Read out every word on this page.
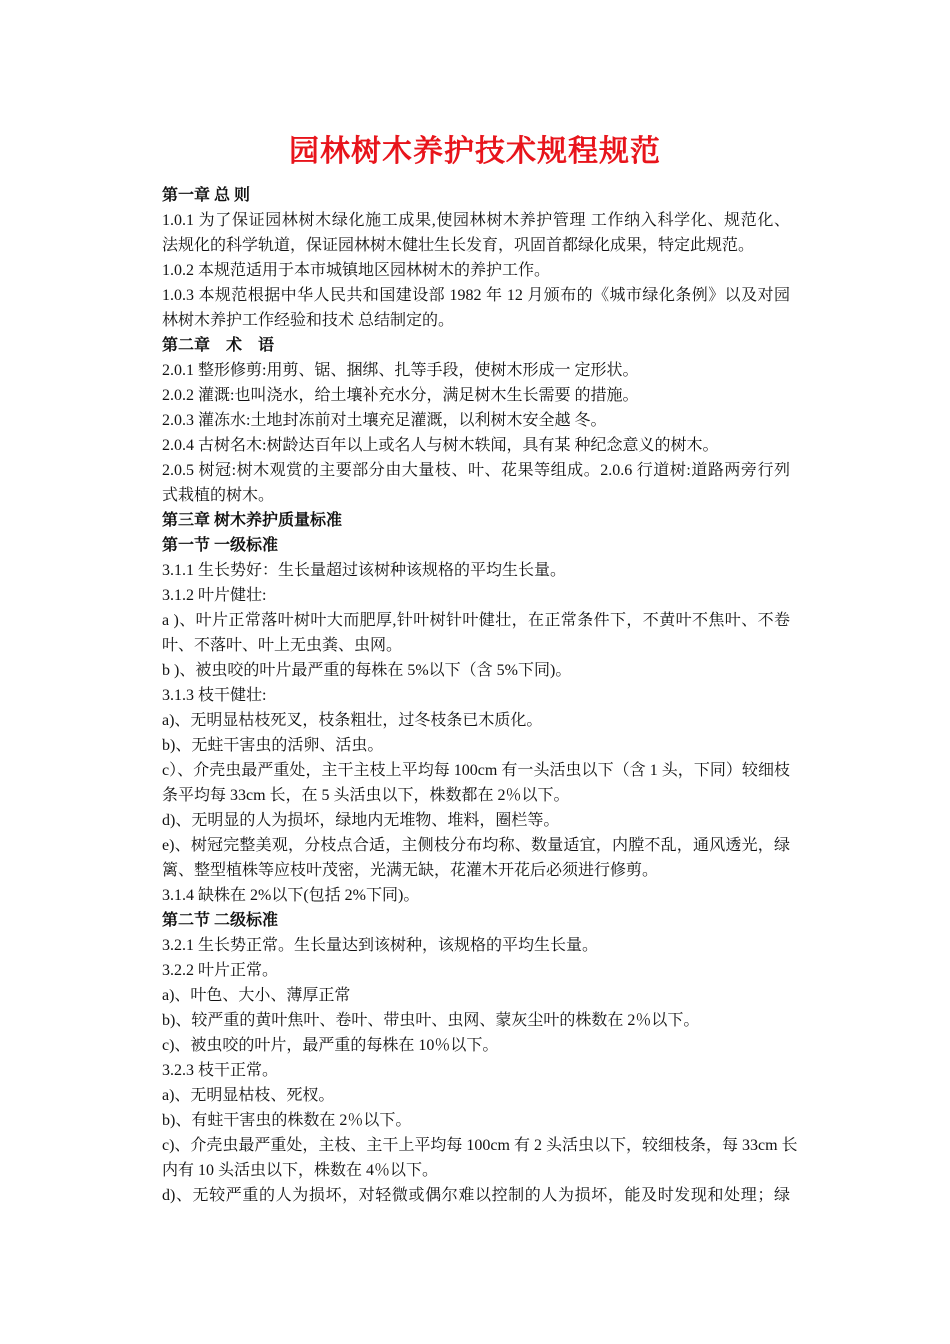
园林树木养护技术规程规范
第一章 总 则
1.0.1 为了保证园林树木绿化施工成果,使园林树木养护管理 工作纳入科学化、规范化、
法规化的科学轨道，保证园林树木健壮生长发育，巩固首都绿化成果，特定此规范。
1.0.2 本规范适用于本市城镇地区园林树木的养护工作。
1.0.3 本规范根据中华人民共和国建设部 1982 年 12 月颁布的《城市绿化条例》以及对园
林树木养护工作经验和技术 总结制定的。
第二章　术　语
2.0.1 整形修剪:用剪、锯、捆绑、扎等手段，使树木形成一 定形状。
2.0.2 灌溉:也叫浇水，给土壤补充水分，满足树木生长需要 的措施。
2.0.3 灌冻水:土地封冻前对土壤充足灌溉，以利树木安全越 冬。
2.0.4 古树名木:树龄达百年以上或名人与树木轶闻，具有某 种纪念意义的树木。
2.0.5 树冠:树木观赏的主要部分由大量枝、叶、花果等组成。2.0.6 行道树:道路两旁行列
式栽植的树木。
第三章 树木养护质量标准
第一节 一级标准
3.1.1 生长势好：生长量超过该树种该规格的平均生长量。
3.1.2 叶片健壮:
a )、叶片正常落叶树叶大而肥厚,针叶树针叶健壮，在正常条件下，不黄叶不焦叶、不卷
叶、不落叶、叶上无虫粪、虫网。
b )、被虫咬的叶片最严重的每株在 5%以下（含 5%下同)。
3.1.3 枝干健壮:
a)、无明显枯枝死叉，枝条粗壮，过冬枝条已木质化。
b)、无蛀干害虫的活卵、活虫。
c）、介壳虫最严重处，主干主枝上平均每 100cm 有一头活虫以下（含 1 头，下同）较细枝
条平均每 33cm 长，在 5 头活虫以下，株数都在 2％以下。
d)、无明显的人为损坏，绿地内无堆物、堆料，圈栏等。
e)、树冠完整美观，分枝点合适，主侧枝分布均称、数量适宜，内膛不乱，通风透光，绿
篱、整型植株等应枝叶茂密，光满无缺，花灌木开花后必须进行修剪。
3.1.4 缺株在 2%以下(包括 2%下同)。
第二节 二级标准
3.2.1 生长势正常。生长量达到该树种，该规格的平均生长量。
3.2.2 叶片正常。
a)、叶色、大小、薄厚正常
b)、较严重的黄叶焦叶、卷叶、带虫叶、虫网、蒙灰尘叶的株数在 2％以下。
c)、被虫咬的叶片，最严重的每株在 10％以下。
3.2.3 枝干正常。
a)、无明显枯枝、死杈。
b)、有蛀干害虫的株数在 2％以下。
c)、介壳虫最严重处，主枝、主干上平均每 100cm 有 2 头活虫以下，较细枝条，每 33cm 长
内有 10 头活虫以下，株数在 4％以下。
d)、无较严重的人为损坏，对轻微或偶尔难以控制的人为损坏，能及时发现和处理；绿
